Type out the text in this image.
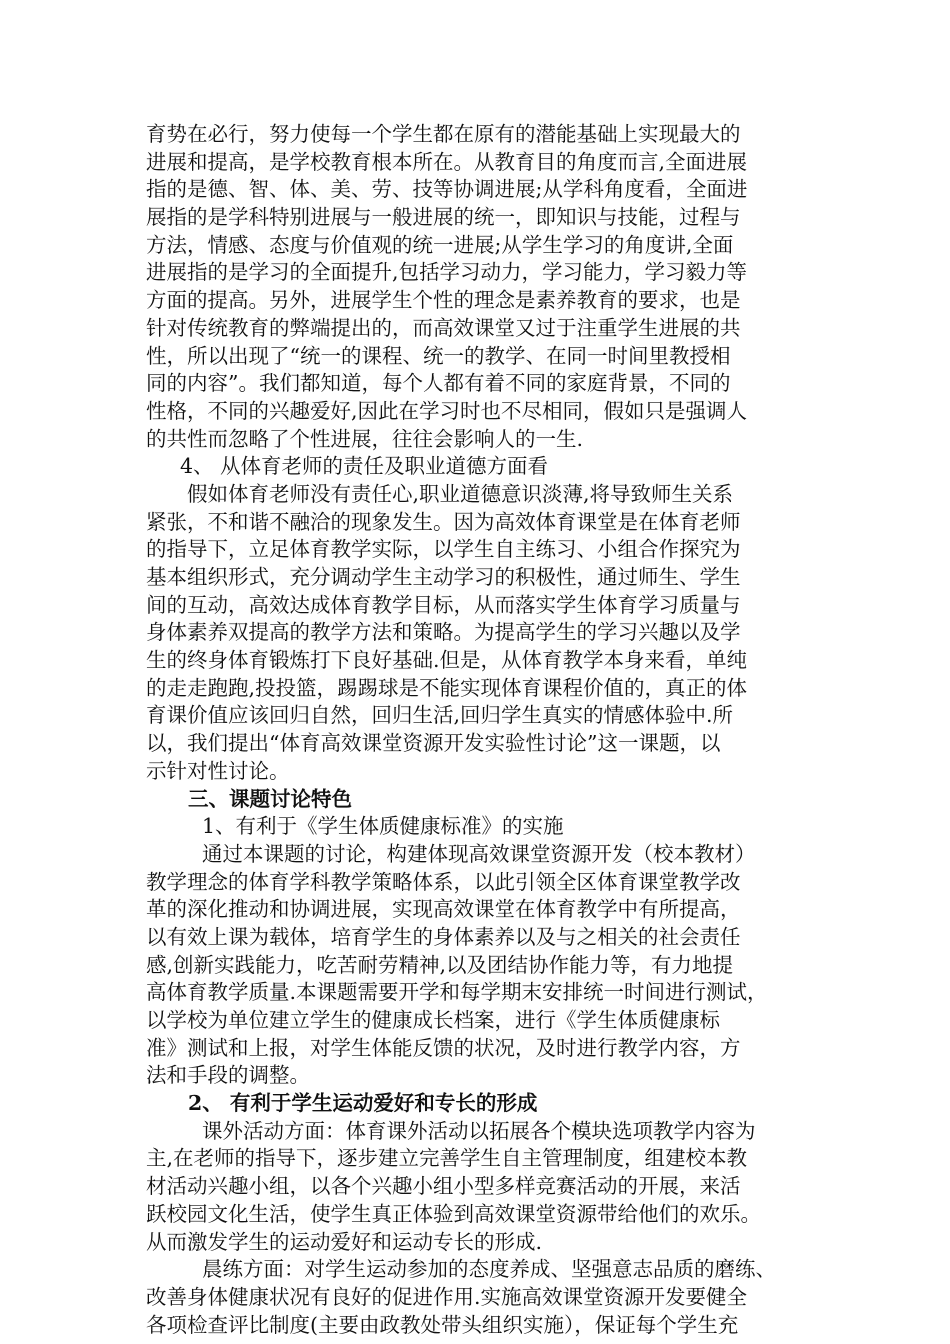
育势在必行，努力使每一个学生都在原有的潜能基础上实现最大的
进展和提高，是学校教育根本所在。从教育目的角度而言,全面进展
指的是德、智、体、美、劳、技等协调进展;从学科角度看，全面进
展指的是学科特别进展与一般进展的统一，即知识与技能，过程与
方法，情感、态度与价值观的统一进展;从学生学习的角度讲,全面
进展指的是学习的全面提升,包括学习动力，学习能力，学习毅力等
方面的提高。另外，进展学生个性的理念是素养教育的要求，也是
针对传统教育的弊端提出的，而高效课堂又过于注重学生进展的共
性，所以出现了“统一的课程、统一的教学、在同一时间里教授相
同的内容”。我们都知道，每个人都有着不同的家庭背景，不同的
性格，不同的兴趣爱好,因此在学习时也不尽相同，假如只是强调人
的共性而忽略了个性进展，往往会影响人的一生.
4、 从体育老师的责任及职业道德方面看
假如体育老师没有责任心,职业道德意识淡薄,将导致师生关系
紧张，不和谐不融洽的现象发生。因为高效体育课堂是在体育老师
的指导下，立足体育教学实际，以学生自主练习、小组合作探究为
基本组织形式，充分调动学生主动学习的积极性，通过师生、学生
间的互动，高效达成体育教学目标，从而落实学生体育学习质量与
身体素养双提高的教学方法和策略。为提高学生的学习兴趣以及学
生的终身体育锻炼打下良好基础.但是，从体育教学本身来看，单纯
的走走跑跑,投投篮，踢踢球是不能实现体育课程价值的，真正的体
育课价值应该回归自然，回归生活,回归学生真实的情感体验中.所
以，我们提出“体育高效课堂资源开发实验性讨论”这一课题，以
示针对性讨论。
三、课题讨论特色
1、有利于《学生体质健康标准》的实施
通过本课题的讨论，构建体现高效课堂资源开发（校本教材）
教学理念的体育学科教学策略体系，以此引领全区体育课堂教学改
革的深化推动和协调进展，实现高效课堂在体育教学中有所提高，
以有效上课为载体，培育学生的身体素养以及与之相关的社会责任
感,创新实践能力，吃苦耐劳精神,以及团结协作能力等，有力地提
高体育教学质量.本课题需要开学和每学期末安排统一时间进行测试，
以学校为单位建立学生的健康成长档案，进行《学生体质健康标
准》测试和上报，对学生体能反馈的状况，及时进行教学内容，方
法和手段的调整。
2、 有利于学生运动爱好和专长的形成
课外活动方面：体育课外活动以拓展各个模块选项教学内容为
主,在老师的指导下，逐步建立完善学生自主管理制度，组建校本教
材活动兴趣小组，以各个兴趣小组小型多样竞赛活动的开展，来活
跃校园文化生活，使学生真正体验到高效课堂资源带给他们的欢乐。
从而激发学生的运动爱好和运动专长的形成.
晨练方面：对学生运动参加的态度养成、坚强意志品质的磨练、
改善身体健康状况有良好的促进作用.实施高效课堂资源开发要健全
各项检查评比制度(主要由政教处带头组织实施），保证每个学生充
